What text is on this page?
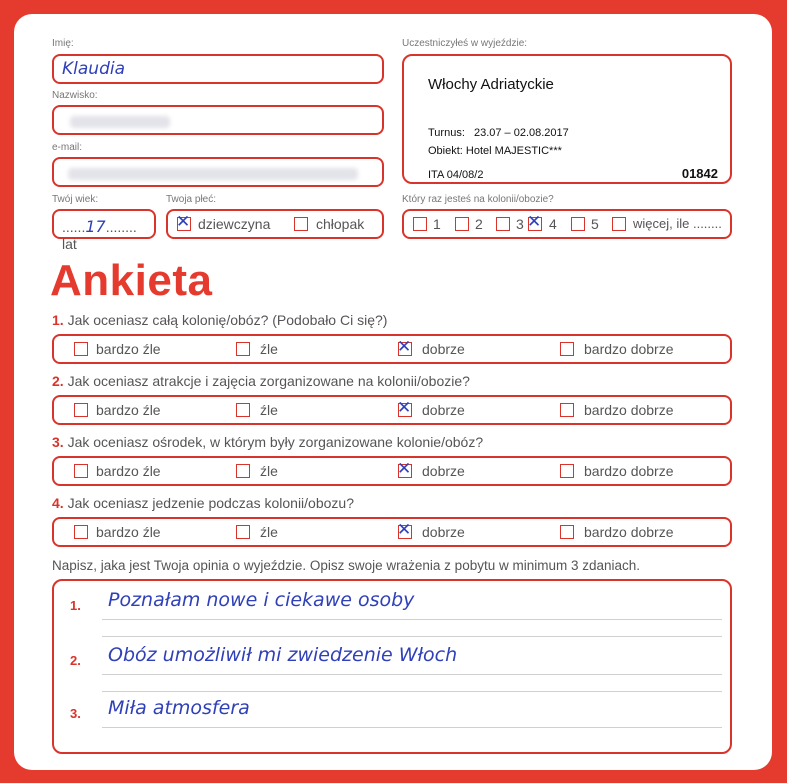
Imię:
Klaudia
Nazwisko:
e-mail:
Twój wiek:
......17........ lat
Twoja płeć:
✕
dziewczyna	chłopak
Uczestniczyłeś w wyjeździe:
Włochy Adriatyckie
Turnus: 23.07 – 02.08.2017
Obiekt: Hotel MAJESTIC***
ITA 04/08/2	01842
Który raz jesteś na kolonii/obozie?
1 2 3 ✕ 4 5	więcej, ile ........
Ankieta
1. Jak oceniasz całą kolonię/obóz? (Podobało Ci się?)
bardzo źle	źle ✕	dobrze	bardzo dobrze
2. Jak oceniasz atrakcje i zajęcia zorganizowane na kolonii/obozie?
bardzo źle	źle ✕	dobrze	bardzo dobrze
3. Jak oceniasz ośrodek, w którym były zorganizowane kolonie/obóz?
bardzo źle	źle ✕	dobrze	bardzo dobrze
4. Jak oceniasz jedzenie podczas kolonii/obozu?
bardzo źle	źle ✕	dobrze	bardzo dobrze
Napisz, jaka jest Twoja opinia o wyjeździe. Opisz swoje wrażenia z pobytu w minimum 3 zdaniach.
1. Poznałam nowe i ciekawe osoby
2. Obóz umożliwił mi zwiedzenie Włoch
3. Miła atmosfera
